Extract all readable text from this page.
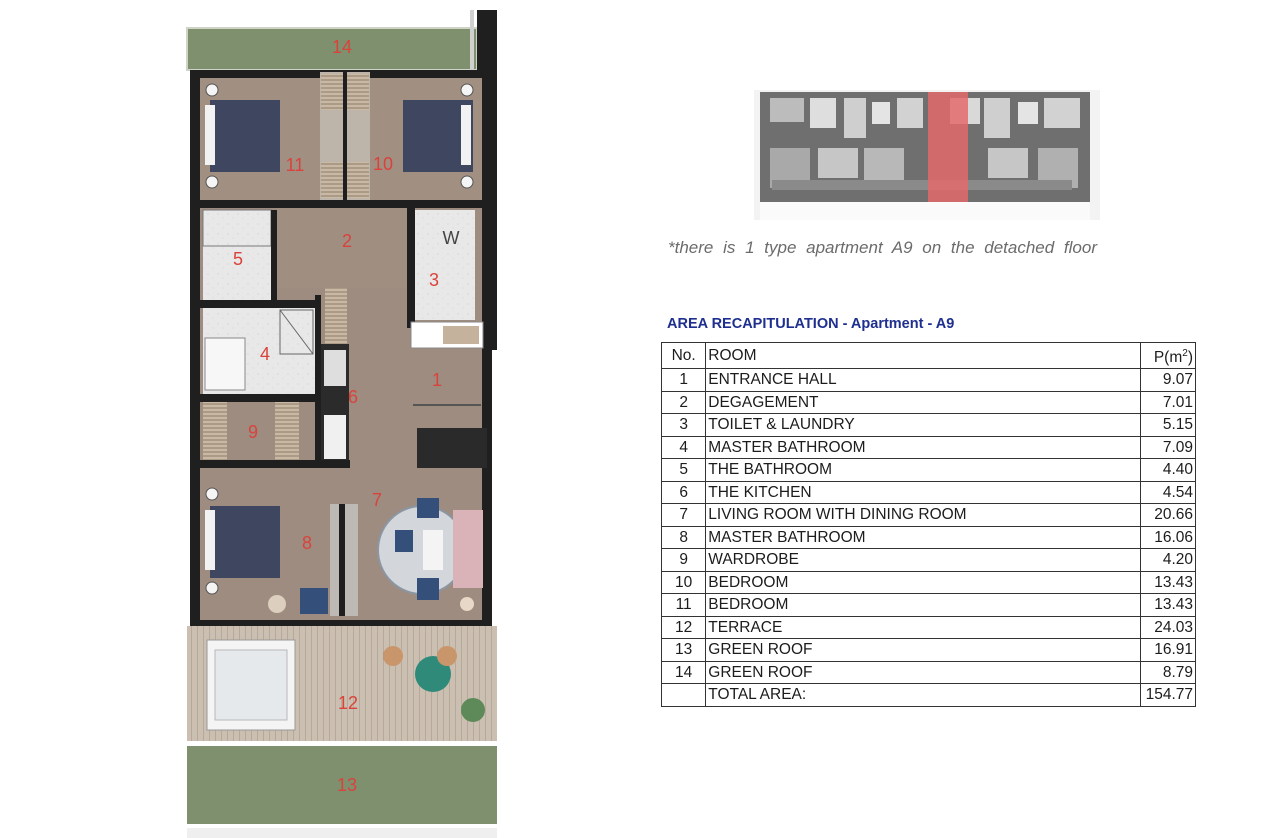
1
2
3
4
5
6
7
8
9
10
11
12
13
14
W	*there is 1 type apartment A9 on the detached floor
AREA RECAPITULATION - Apartment - A9
No.	ROOM	$P(m^2)$
1	ENTRANCE HALL	9.07
2	DEGAGEMENT	7.01
3	TOILET & LAUNDRY	5.15
4	MASTER BATHROOM	7.09
5	THE BATHROOM	4.40
6	THE KITCHEN	4.54
7	LIVING ROOM WITH DINING ROOM	20.66
8	MASTER BATHROOM	16.06
9	WARDROBE	4.20
10	BEDROOM	13.43
11	BEDROOM	13.43
12	TERRACE	24.03
13	GREEN ROOF	16.91
14	GREEN ROOF	8.79
	TOTAL AREA:	154.77
